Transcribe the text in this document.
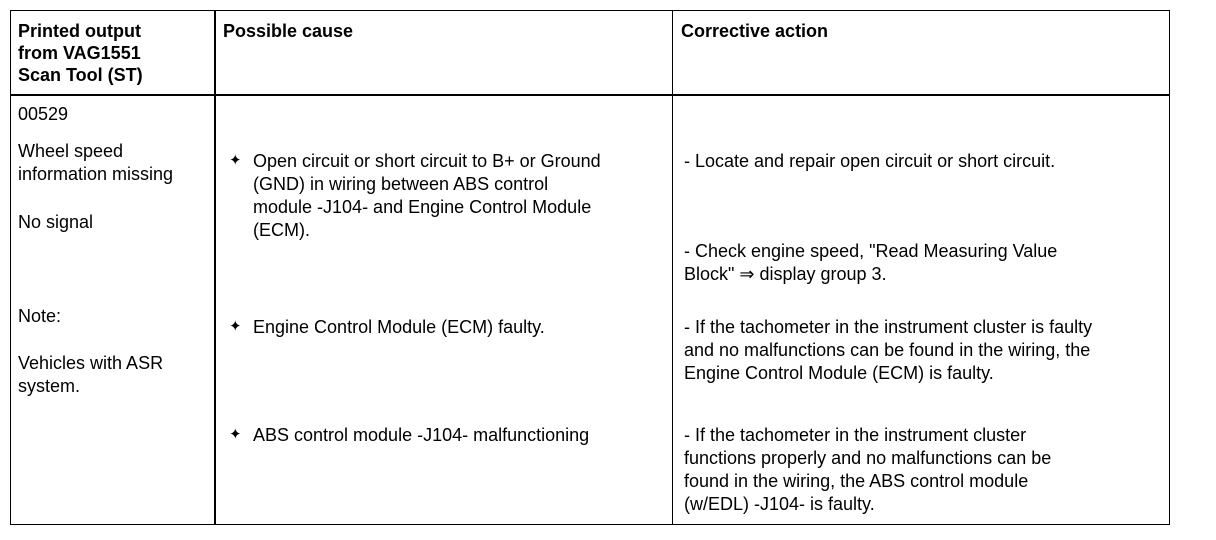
Printed output
from VAG1551
Scan Tool (ST)
Possible cause	Corrective action
00529
Wheel speed
information missing
No signal
Note:
Vehicles with ASR
system.
✦ Open circuit or short circuit to B+ or Ground
(GND) in wiring between ABS control
module -J104- and Engine Control Module
(ECM).
✦ Engine Control Module (ECM) faulty.
✦ ABS control module -J104- malfunctioning
- Locate and repair open circuit or short circuit.
- Check engine speed, "Read Measuring Value
Block" ⇒ display group 3.
- If the tachometer in the instrument cluster is faulty
and no malfunctions can be found in the wiring, the
Engine Control Module (ECM) is faulty.
- If the tachometer in the instrument cluster
functions properly and no malfunctions can be
found in the wiring, the ABS control module
(w/EDL) -J104- is faulty.
